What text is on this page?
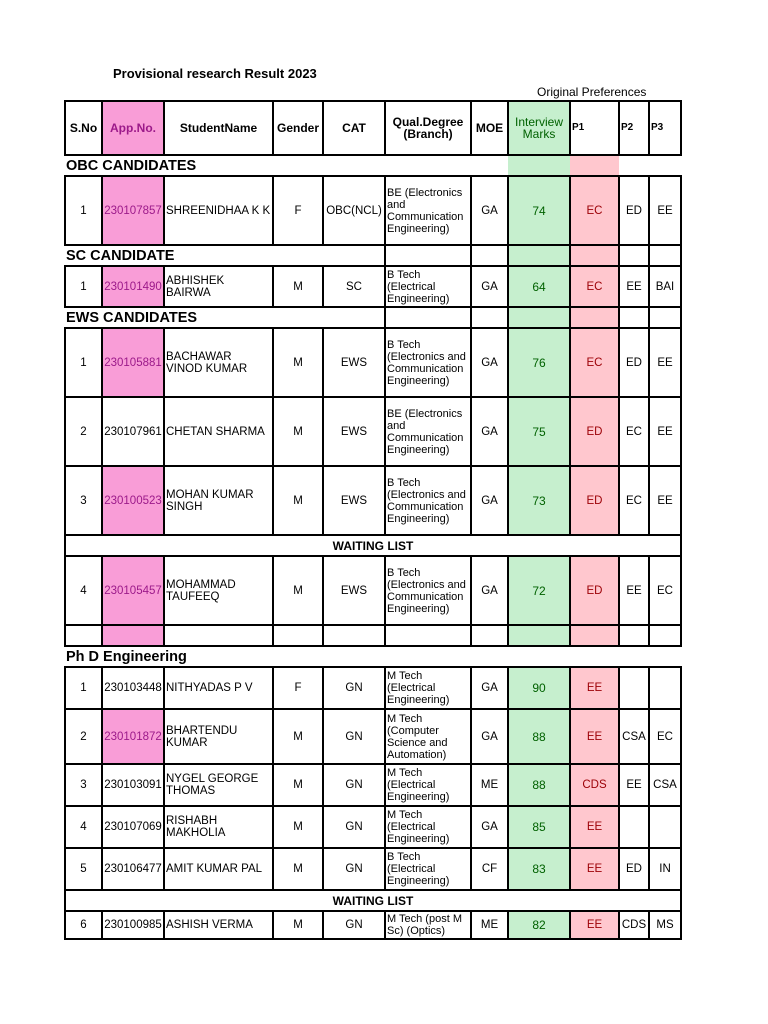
Provisional research Result 2023
Original Preferences
S.No	App.No.	StudentName	Gender	CAT	Qual.Degree (Branch)	MOE	Interview Marks	P1	P2	P3
OBC CANDIDATES										
1	230107857	SHREENIDHAA K K	F	OBC(NCL)	BE (Electronics and Communication Engineering)	GA	74	EC	ED	EE
SC CANDIDATE										
1	230101490	ABHISHEK BAIRWA	M	SC	B Tech (Electrical Engineering)	GA	64	EC	EE	BAI
EWS CANDIDATES										
1	230105881	BACHAWAR VINOD KUMAR	M	EWS	B Tech (Electronics and Communication Engineering)	GA	76	EC	ED	EE
2	230107961	CHETAN SHARMA	M	EWS	BE (Electronics and Communication Engineering)	GA	75	ED	EC	EE
3	230100523	MOHAN KUMAR SINGH	M	EWS	B Tech (Electronics and Communication Engineering)	GA	73	ED	EC	EE
WAITING LIST										
4	230105457	MOHAMMAD TAUFEEQ	M	EWS	B Tech (Electronics and Communication Engineering)	GA	72	ED	EE	EC

Ph D Engineering										
1	230103448	NITHYADAS P V	F	GN	M Tech (Electrical Engineering)	GA	90	EE		
2	230101872	BHARTENDU KUMAR	M	GN	M Tech (Computer Science and Automation)	GA	88	EE	CSA	EC
3	230103091	NYGEL GEORGE THOMAS	M	GN	M Tech (Electrical Engineering)	ME	88	CDS	EE	CSA
4	230107069	RISHABH MAKHOLIA	M	GN	M Tech (Electrical Engineering)	GA	85	EE		
5	230106477	AMIT KUMAR PAL	M	GN	B Tech (Electrical Engineering)	CF	83	EE	ED	IN
WAITING LIST										
6	230100985	ASHISH VERMA	M	GN	M Tech (post M Sc) (Optics)	ME	82	EE	CDS	MS
